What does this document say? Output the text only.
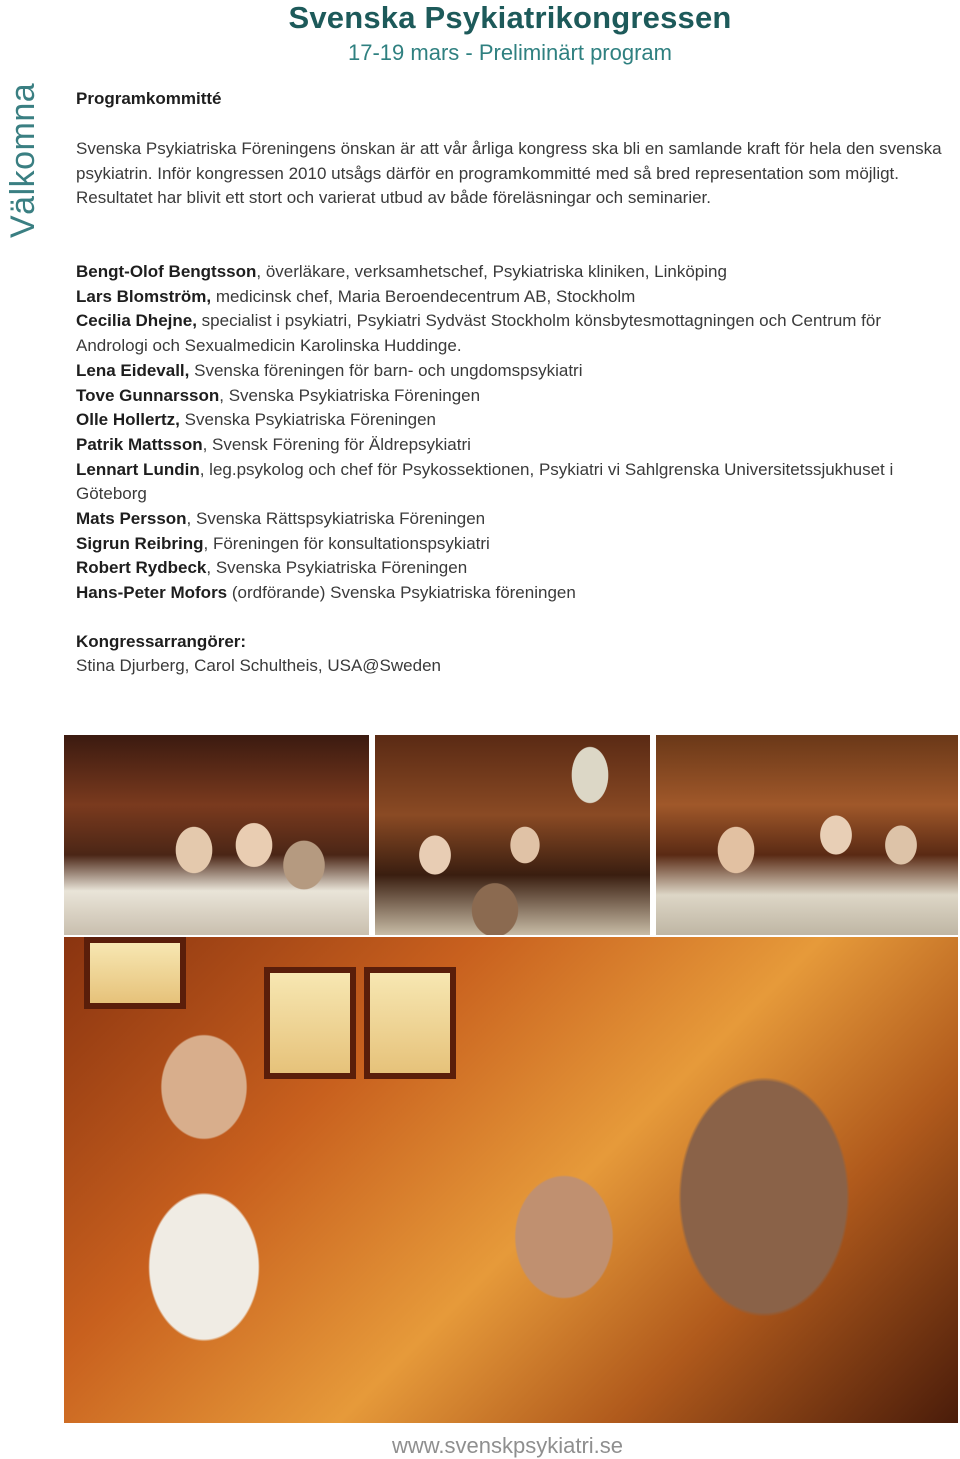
Svenska Psykiatrikongressen
17-19 mars - Preliminärt program
Välkomna Programkommitté

Svenska Psykiatriska Föreningens önskan är att vår årliga kongress ska bli en samlande kraft för hela den svenska psykiatrin. Inför kongressen 2010 utsågs därför en programkommitté med så bred representation som möjligt. Resultatet har blivit ett stort och varierat utbud av både föreläsningar och seminarier.

Bengt-Olof Bengtsson, överläkare, verksamhetschef, Psykiatriska kliniken, Linköping
Lars Blomström, medicinsk chef, Maria Beroendecentrum AB, Stockholm
Cecilia Dhejne, specialist i psykiatri, Psykiatri Sydväst Stockholm könsbytesmottagningen och Centrum för Andrologi och Sexualmedicin Karolinska Huddinge.
Lena Eidevall, Svenska föreningen för barn- och ungdomspsykiatri
Tove Gunnarsson, Svenska Psykiatriska Föreningen
Olle Hollertz, Svenska Psykiatriska Föreningen
Patrik Mattsson, Svensk Förening för Äldrepsykiatri
Lennart Lundin, leg.psykolog och chef för Psykossektionen, Psykiatri vi Sahlgrenska Universitetssjukhuset i Göteborg
Mats Persson, Svenska Rättspsykiatriska Föreningen
Sigrun Reibring, Föreningen för konsultationspsykiatri
Robert Rydbeck, Svenska Psykiatriska Föreningen
Hans-Peter Mofors (ordförande) Svenska Psykiatriska föreningen
Kongressarrangörer:
Stina Djurberg, Carol Schultheis, USA@Sweden
www.svenskpsykiatri.se
